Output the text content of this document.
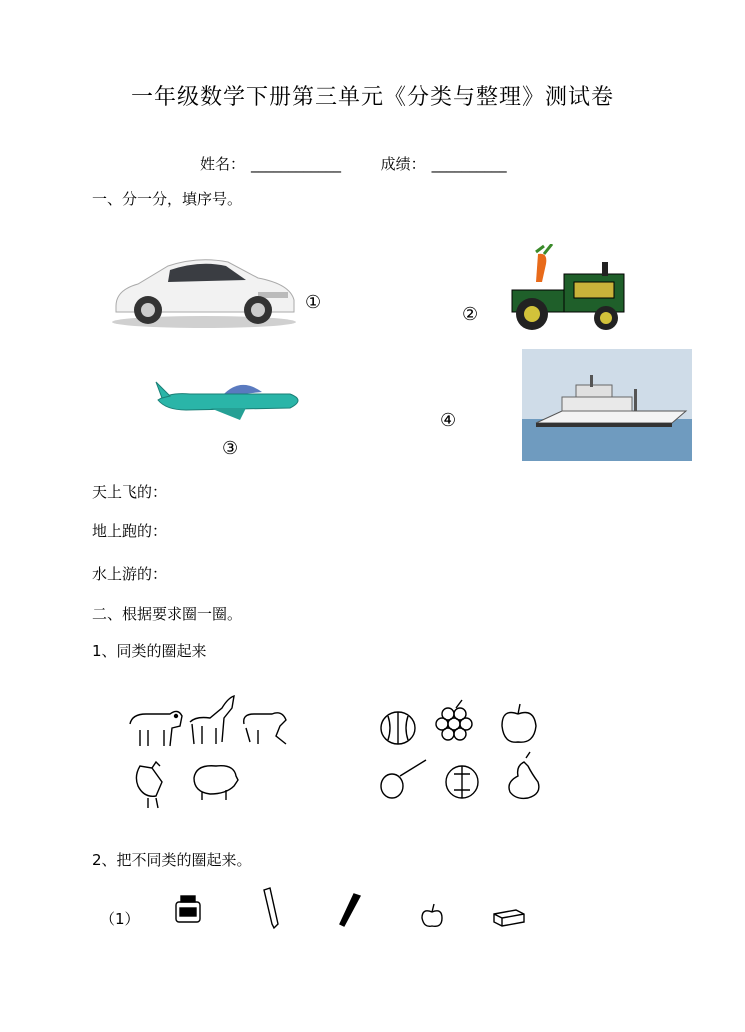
一年级数学下册第三单元《分类与整理》测试卷
姓名： ____________	成绩： __________
一、分一分，填序号。
①
②
③
④
天上飞的：
地上跑的：
水上游的：
二、根据要求圈一圈。
1、同类的圈起来
2、把不同类的圈起来。
（1）
